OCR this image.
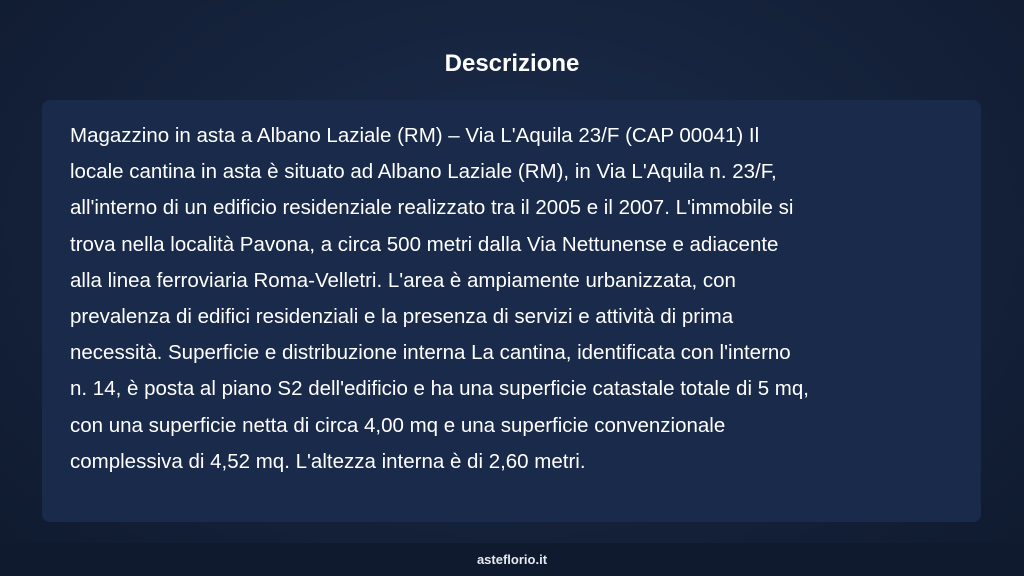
Descrizione

Magazzino in asta a Albano Laziale (RM) – Via L'Aquila 23/F (CAP 00041) Il
locale cantina in asta è situato ad Albano Laziale (RM), in Via L'Aquila n. 23/F,
all'interno di un edificio residenziale realizzato tra il 2005 e il 2007. L'immobile si
trova nella località Pavona, a circa 500 metri dalla Via Nettunense e adiacente
alla linea ferroviaria Roma-Velletri. L'area è ampiamente urbanizzata, con
prevalenza di edifici residenziali e la presenza di servizi e attività di prima
necessità. Superficie e distribuzione interna La cantina, identificata con l'interno
n. 14, è posta al piano S2 dell'edificio e ha una superficie catastale totale di 5 mq,
con una superficie netta di circa 4,00 mq e una superficie convenzionale
complessiva di 4,52 mq. L'altezza interna è di 2,60 metri.

asteflorio.it
